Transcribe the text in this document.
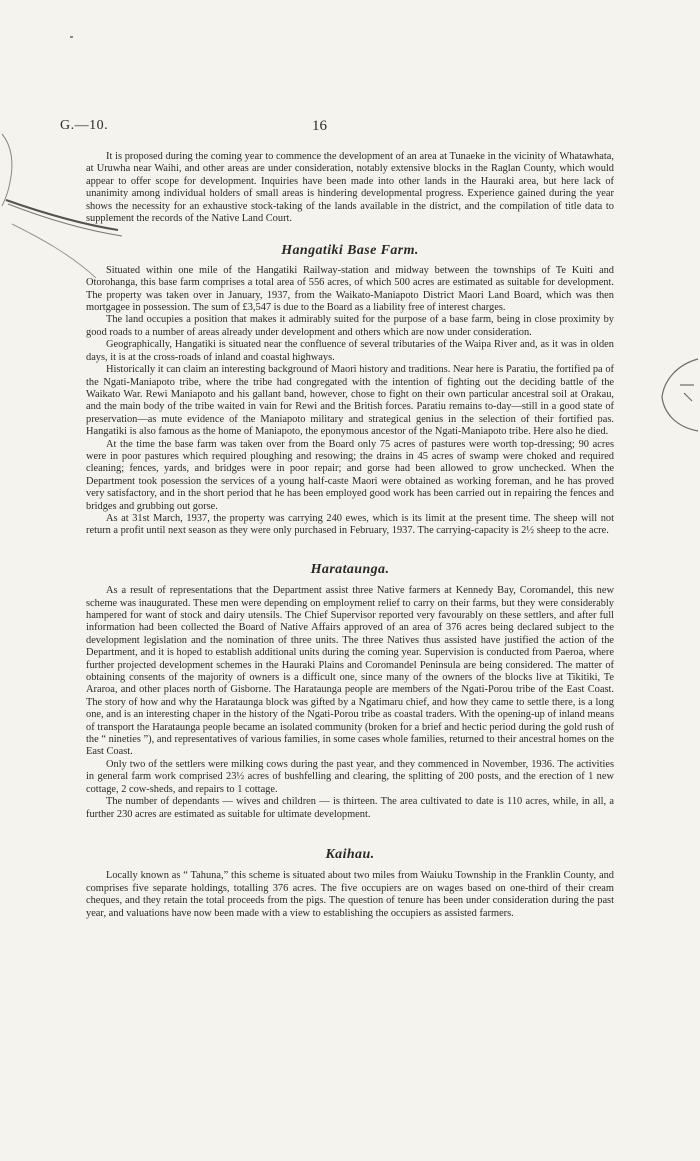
G.—10.	16

It is proposed during the coming year to commence the development of an area at Tunaeke in the vicinity of Whatawhata, at Uruwha near Waihi, and other areas are under consideration, notably extensive blocks in the Raglan County, which would appear to offer scope for development. Inquiries have been made into other lands in the Hauraki area, but here lack of unanimity among individual holders of small areas is hindering developmental progress. Experience gained during the year shows the necessity for an exhaustive stock-taking of the lands available in the district, and the compilation of title data to supplement the records of the Native Land Court.

Hangatiki Base Farm.

Situated within one mile of the Hangatiki Railway-station and midway between the townships of Te Kuiti and Otorohanga, this base farm comprises a total area of 556 acres, of which 500 acres are estimated as suitable for development. The property was taken over in January, 1937, from the Waikato-Maniapoto District Maori Land Board, which was then mortgagee in possession. The sum of £3,547 is due to the Board as a liability free of interest charges.

The land occupies a position that makes it admirably suited for the purpose of a base farm, being in close proximity by good roads to a number of areas already under development and others which are now under consideration.

Geographically, Hangatiki is situated near the confluence of several tributaries of the Waipa River and, as it was in olden days, it is at the cross-roads of inland and coastal highways.

Historically it can claim an interesting background of Maori history and traditions. Near here is Paratiu, the fortified pa of the Ngati-Maniapoto tribe, where the tribe had congregated with the intention of fighting out the deciding battle of the Waikato War. Rewi Maniapoto and his gallant band, however, chose to fight on their own particular ancestral soil at Orakau, and the main body of the tribe waited in vain for Rewi and the British forces. Paratiu remains to-day—still in a good state of preservation—as mute evidence of the Maniapoto military and strategical genius in the selection of their fortified pas. Hangatiki is also famous as the home of Maniapoto, the eponymous ancestor of the Ngati-Maniapoto tribe. Here also he died.

At the time the base farm was taken over from the Board only 75 acres of pastures were worth top-dressing; 90 acres were in poor pastures which required ploughing and resowing; the drains in 45 acres of swamp were choked and required cleaning; fences, yards, and bridges were in poor repair; and gorse had been allowed to grow unchecked. When the Department took posession the services of a young half-caste Maori were obtained as working foreman, and he has proved very satisfactory, and in the short period that he has been employed good work has been carried out in repairing the fences and bridges and grubbing out gorse.

As at 31st March, 1937, the property was carrying 240 ewes, which is its limit at the present time. The sheep will not return a profit until next season as they were only purchased in February, 1937. The carrying-capacity is 2½ sheep to the acre.

Harataunga.

As a result of representations that the Department assist three Native farmers at Kennedy Bay, Coromandel, this new scheme was inaugurated. These men were depending on employment relief to carry on their farms, but they were considerably hampered for want of stock and dairy utensils. The Chief Supervisor reported very favourably on these settlers, and after full information had been collected the Board of Native Affairs approved of an area of 376 acres being declared subject to the development legislation and the nomination of three units. The three Natives thus assisted have justified the action of the Department, and it is hoped to establish additional units during the coming year. Supervision is conducted from Paeroa, where further projected development schemes in the Hauraki Plains and Coromandel Peninsula are being considered. The matter of obtaining consents of the majority of owners is a difficult one, since many of the owners of the blocks live at Tikitiki, Te Araroa, and other places north of Gisborne. The Harataunga people are members of the Ngati-Porou tribe of the East Coast. The story of how and why the Harataunga block was gifted by a Ngatimaru chief, and how they came to settle there, is a long one, and is an interesting chaper in the history of the Ngati-Porou tribe as coastal traders. With the opening-up of inland means of transport the Harataunga people became an isolated community (broken for a brief and hectic period during the gold rush of the “ nineties ”), and representatives of various families, in some cases whole families, returned to their ancestral homes on the East Coast.

Only two of the settlers were milking cows during the past year, and they commenced in November, 1936. The activities in general farm work comprised 23½ acres of bushfelling and clearing, the splitting of 200 posts, and the erection of 1 new cottage, 2 cow-sheds, and repairs to 1 cottage.

The number of dependants — wives and children — is thirteen. The area cultivated to date is 110 acres, while, in all, a further 230 acres are estimated as suitable for ultimate development.

Kaihau.

Locally known as “ Tahuna,” this scheme is situated about two miles from Waiuku Township in the Franklin County, and comprises five separate holdings, totalling 376 acres. The five occupiers are on wages based on one-third of their cream cheques, and they retain the total proceeds from the pigs. The question of tenure has been under consideration during the past year, and valuations have now been made with a view to establishing the occupiers as assisted farmers.
